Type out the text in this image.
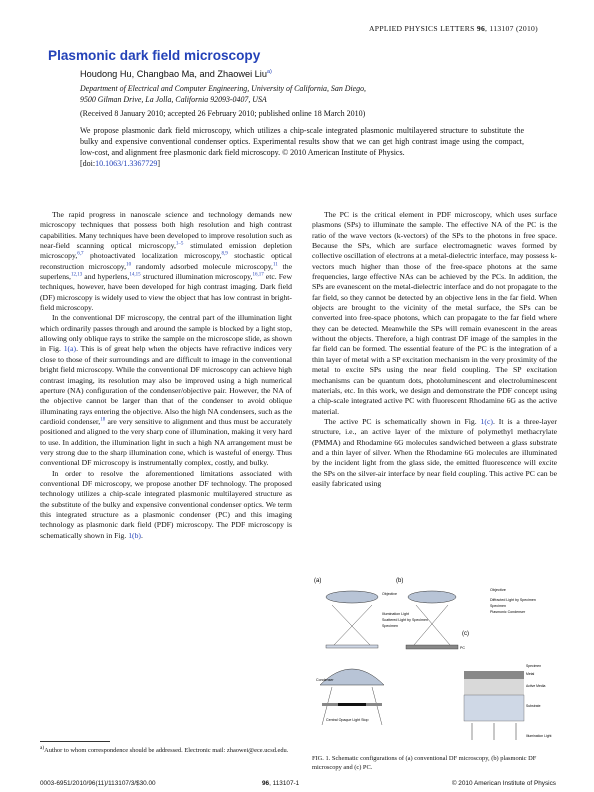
APPLIED PHYSICS LETTERS 96, 113107 (2010)
Plasmonic dark field microscopy
Houdong Hu, Changbao Ma, and Zhaowei Liu$^{a)}$
Department of Electrical and Computer Engineering, University of California, San Diego,
9500 Gilman Drive, La Jolla, California 92093-0407, USA
(Received 8 January 2010; accepted 26 February 2010; published online 18 March 2010)
We propose plasmonic dark field microscopy, which utilizes a chip-scale integrated plasmonic multilayered structure to substitute the bulky and expensive conventional condenser optics. Experimental results show that we can get high contrast image using the compact, low-cost, and alignment free plasmonic dark field microscopy. © 2010 American Institute of Physics.
[doi:10.1063/1.3367729]

The rapid progress in nanoscale science and technology demands new microscopy techniques that possess both high resolution and high contrast capabilities. Many techniques have been developed to improve resolution such as near-field scanning optical microscopy,$^{1-5}$ stimulated emission depletion microscopy,$^{6,7}$ photoactivated localization microscopy,$^{8,9}$ stochastic optical reconstruction microscopy,$^{10}$ randomly adsorbed molecule microscopy,$^{11}$ the superlens,$^{12,13}$ and hyperlens,$^{14,15}$ structured illumination microscopy,$^{16,17}$ etc. Few techniques, however, have been developed for high contrast imaging. Dark field (DF) microscopy is widely used to view the object that has low contrast in bright-field microscopy.

In the conventional DF microscopy, the central part of the illumination light which ordinarily passes through and around the sample is blocked by a light stop, allowing only oblique rays to strike the sample on the microscope slide, as shown in Fig. 1(a). This is of great help when the objects have refractive indices very close to those of their surroundings and are difficult to image in the conventional bright field microscopy. While the conventional DF microscopy can achieve high contrast imaging, its resolution may also be improved using a high numerical aperture (NA) configuration of the condenser/objective pair. However, the NA of the objective cannot be larger than that of the condenser to avoid oblique illuminating rays entering the objective. Also the high NA condensers, such as the cardioid condenser,$^{18}$ are very sensitive to alignment and thus must be accurately positioned and aligned to the very sharp cone of illumination, making it very hard to use. In addition, the illumination light in such a high NA arrangement must be very strong due to the sharp illumination cone, which is wasteful of energy. Thus conventional DF microscopy is instrumentally complex, costly, and bulky.

In order to resolve the aforementioned limitations associated with conventional DF microscopy, we propose another DF technology. The proposed technology utilizes a chip-scale integrated plasmonic multilayered structure as the substitute of the bulky and expensive conventional condenser optics. We term this integrated structure as a plasmonic condenser (PC) and this imaging technology as plasmonic dark field (PDF) microscopy. The PDF microscopy is schematically shown in Fig. 1(b).

The PC is the critical element in PDF microscopy, which uses surface plasmons (SPs) to illuminate the sample. The effective NA of the PC is the ratio of the wave vectors (k-vectors) of the SPs to the photons in free space. Because the SPs, which are surface electromagnetic waves formed by collective oscillation of electrons at a metal-dielectric interface, may possess k-vectors much higher than those of the free-space photons at the same frequencies, large effective NAs can be achieved by the PCs. In addition, the SPs are evanescent on the metal-dielectric interface and do not propagate to the far field, so they cannot be detected by an objective lens in the far field. When objects are brought to the vicinity of the metal surface, the SPs can be converted into free-space photons, which can propagate to the far field where they can be detected. Meanwhile the SPs will remain evanescent in the areas without the objects. Therefore, a high contrast DF image of the samples in the far field can be formed. The essential feature of the PC is the integration of a thin layer of metal with a SP excitation mechanism in the very proximity of the metal to excite SPs using the near field coupling. The SP excitation mechanisms can be quantum dots, photoluminescent and electroluminescent materials, etc. In this work, we design and demonstrate the PDF concept using a chip-scale integrated active PC with fluorescent Rhodamine 6G as the active material.

The active PC is schematically shown in Fig. 1(c). It is a three-layer structure, i.e., an active layer of the mixture of polymethyl methacrylate (PMMA) and Rhodamine 6G molecules sandwiched between a glass substrate and a thin layer of silver. When the Rhodamine 6G molecules are illuminated by the incident light from the glass side, the emitted fluorescence will excite the SPs on the silver-air interface by near field coupling. This active PC can be easily fabricated using

(a)
Objective
Illumination Light
Scattered Light by Specimen
Specimen
Condenser
Central Opaque Light Stop
(b)
PC
Objective
Diffracted Light by Specimen
Specimen
Plasmonic Condenser
(c)
Specimen
Metal
Active Media
Substrate
Illumination Light
$^{a)}$Author to whom correspondence should be addressed. Electronic mail: zhaowei@ece.ucsd.edu.
FIG. 1. Schematic configurations of (a) conventional DF microscopy, (b) plasmonic DF microscopy and (c) PC.
0003-6951/2010/96(11)/113107/3/$30.00	96, 113107-1	© 2010 American Institute of Physics
